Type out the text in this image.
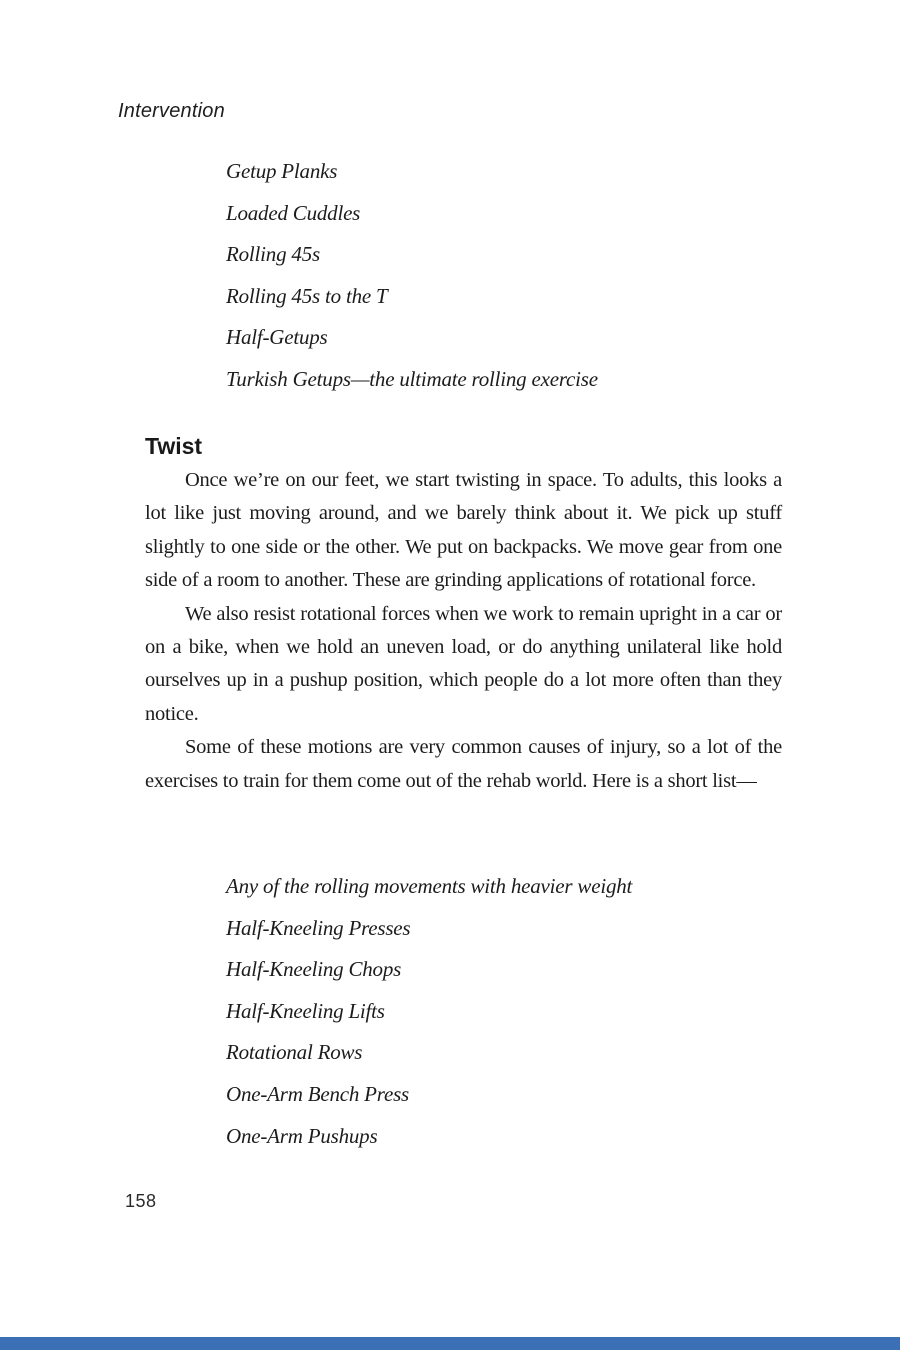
Intervention
Getup Planks
Loaded Cuddles
Rolling 45s
Rolling 45s to the T
Half-Getups
Turkish Getups—the ultimate rolling exercise
Twist

Once we’re on our feet, we start twisting in space. To adults, this looks a lot like just moving around, and we barely think about it. We pick up stuff slightly to one side or the other. We put on backpacks. We move gear from one side of a room to another. These are grinding applications of rotational force.

We also resist rotational forces when we work to remain upright in a car or on a bike, when we hold an uneven load, or do anything unilateral like hold ourselves up in a pushup position, which people do a lot more often than they notice.

Some of these motions are very common causes of injury, so a lot of the exercises to train for them come out of the rehab world. Here is a short list—

Any of the rolling movements with heavier weight
Half-Kneeling Presses
Half-Kneeling Chops
Half-Kneeling Lifts
Rotational Rows
One-Arm Bench Press
One-Arm Pushups
158
